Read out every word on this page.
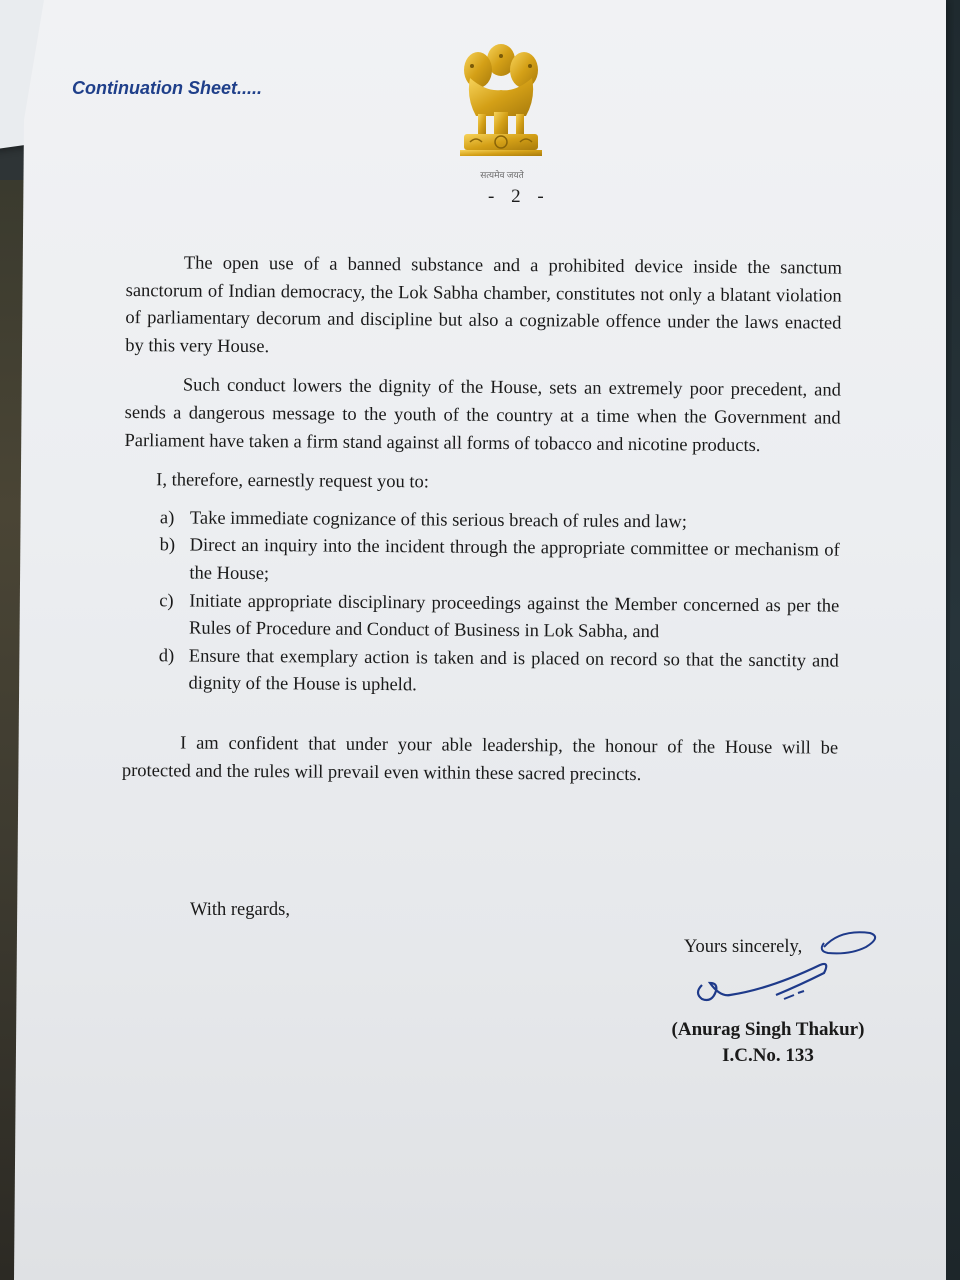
Continuation Sheet.....
सत्यमेव जयते
- 2 -

The open use of a banned substance and a prohibited device inside the sanctum sanctorum of Indian democracy, the Lok Sabha chamber, constitutes not only a blatant violation of parliamentary decorum and discipline but also a cognizable offence under the laws enacted by this very House.

Such conduct lowers the dignity of the House, sets an extremely poor precedent, and sends a dangerous message to the youth of the country at a time when the Government and Parliament have taken a firm stand against all forms of tobacco and nicotine products.

I, therefore, earnestly request you to:

a) Take immediate cognizance of this serious breach of rules and law;
b) Direct an inquiry into the incident through the appropriate committee or mechanism of the House;
c) Initiate appropriate disciplinary proceedings against the Member concerned as per the Rules of Procedure and Conduct of Business in Lok Sabha, and
d) Ensure that exemplary action is taken and is placed on record so that the sanctity and dignity of the House is upheld.

I am confident that under your able leadership, the honour of the House will be protected and the rules will prevail even within these sacred precincts.

With regards,
Yours sincerely,
(Anurag Singh Thakur)
I.C.No. 133
